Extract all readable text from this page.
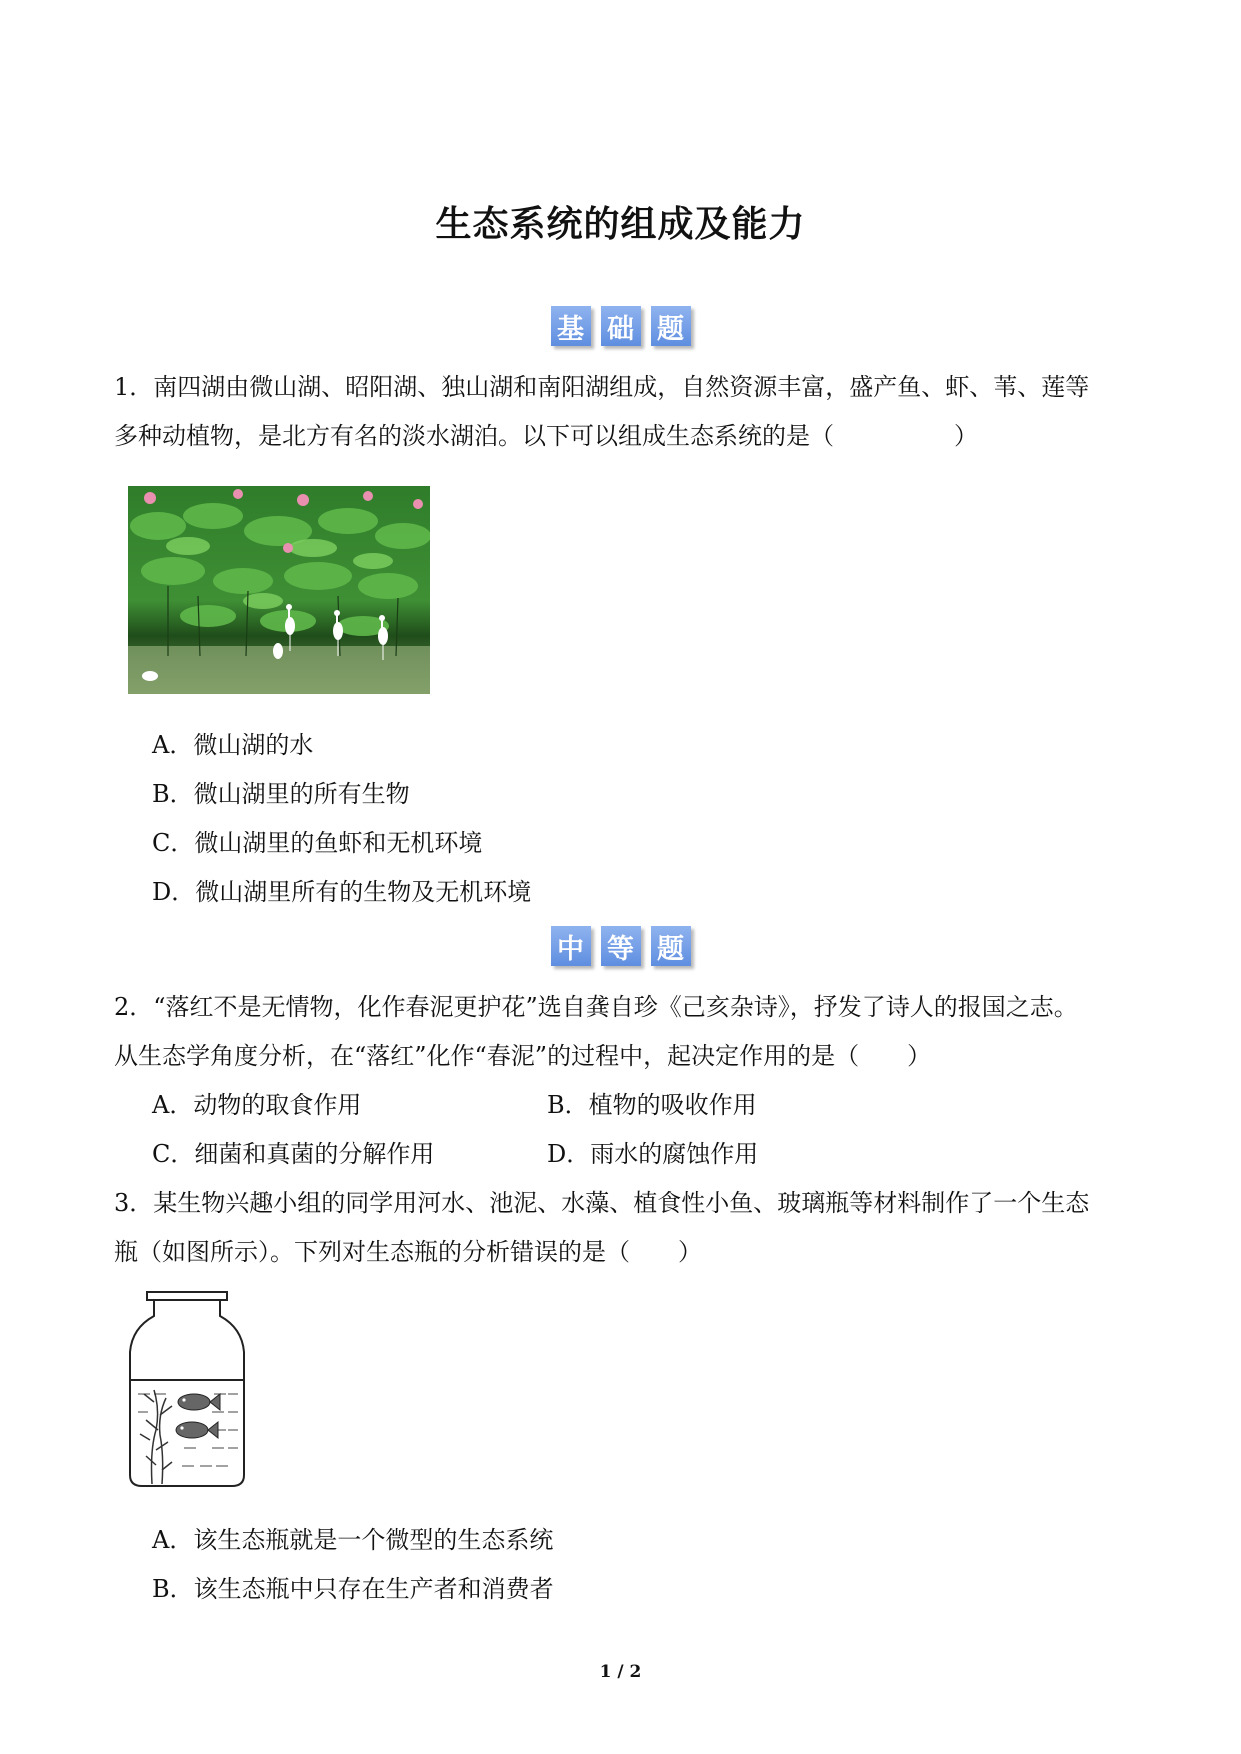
生态系统的组成及能力
基 础 题
1．南四湖由微山湖、昭阳湖、独山湖和南阳湖组成，自然资源丰富，盛产鱼、虾、苇、莲等
多种动植物，是北方有名的淡水湖泊。以下可以组成生态系统的是（　　　　　）
A．微山湖的水
B．微山湖里的所有生物
C．微山湖里的鱼虾和无机环境
D．微山湖里所有的生物及无机环境
中 等 题
2．“落红不是无情物，化作春泥更护花”选自龚自珍《己亥杂诗》，抒发了诗人的报国之志。
从生态学角度分析，在“落红”化作“春泥”的过程中，起决定作用的是（　　）
A．动物的取食作用	B．植物的吸收作用
C．细菌和真菌的分解作用	D．雨水的腐蚀作用
3．某生物兴趣小组的同学用河水、池泥、水藻、植食性小鱼、玻璃瓶等材料制作了一个生态
瓶（如图所示）。下列对生态瓶的分析错误的是（　　）
A．该生态瓶就是一个微型的生态系统
B．该生态瓶中只存在生产者和消费者
1 / 2
